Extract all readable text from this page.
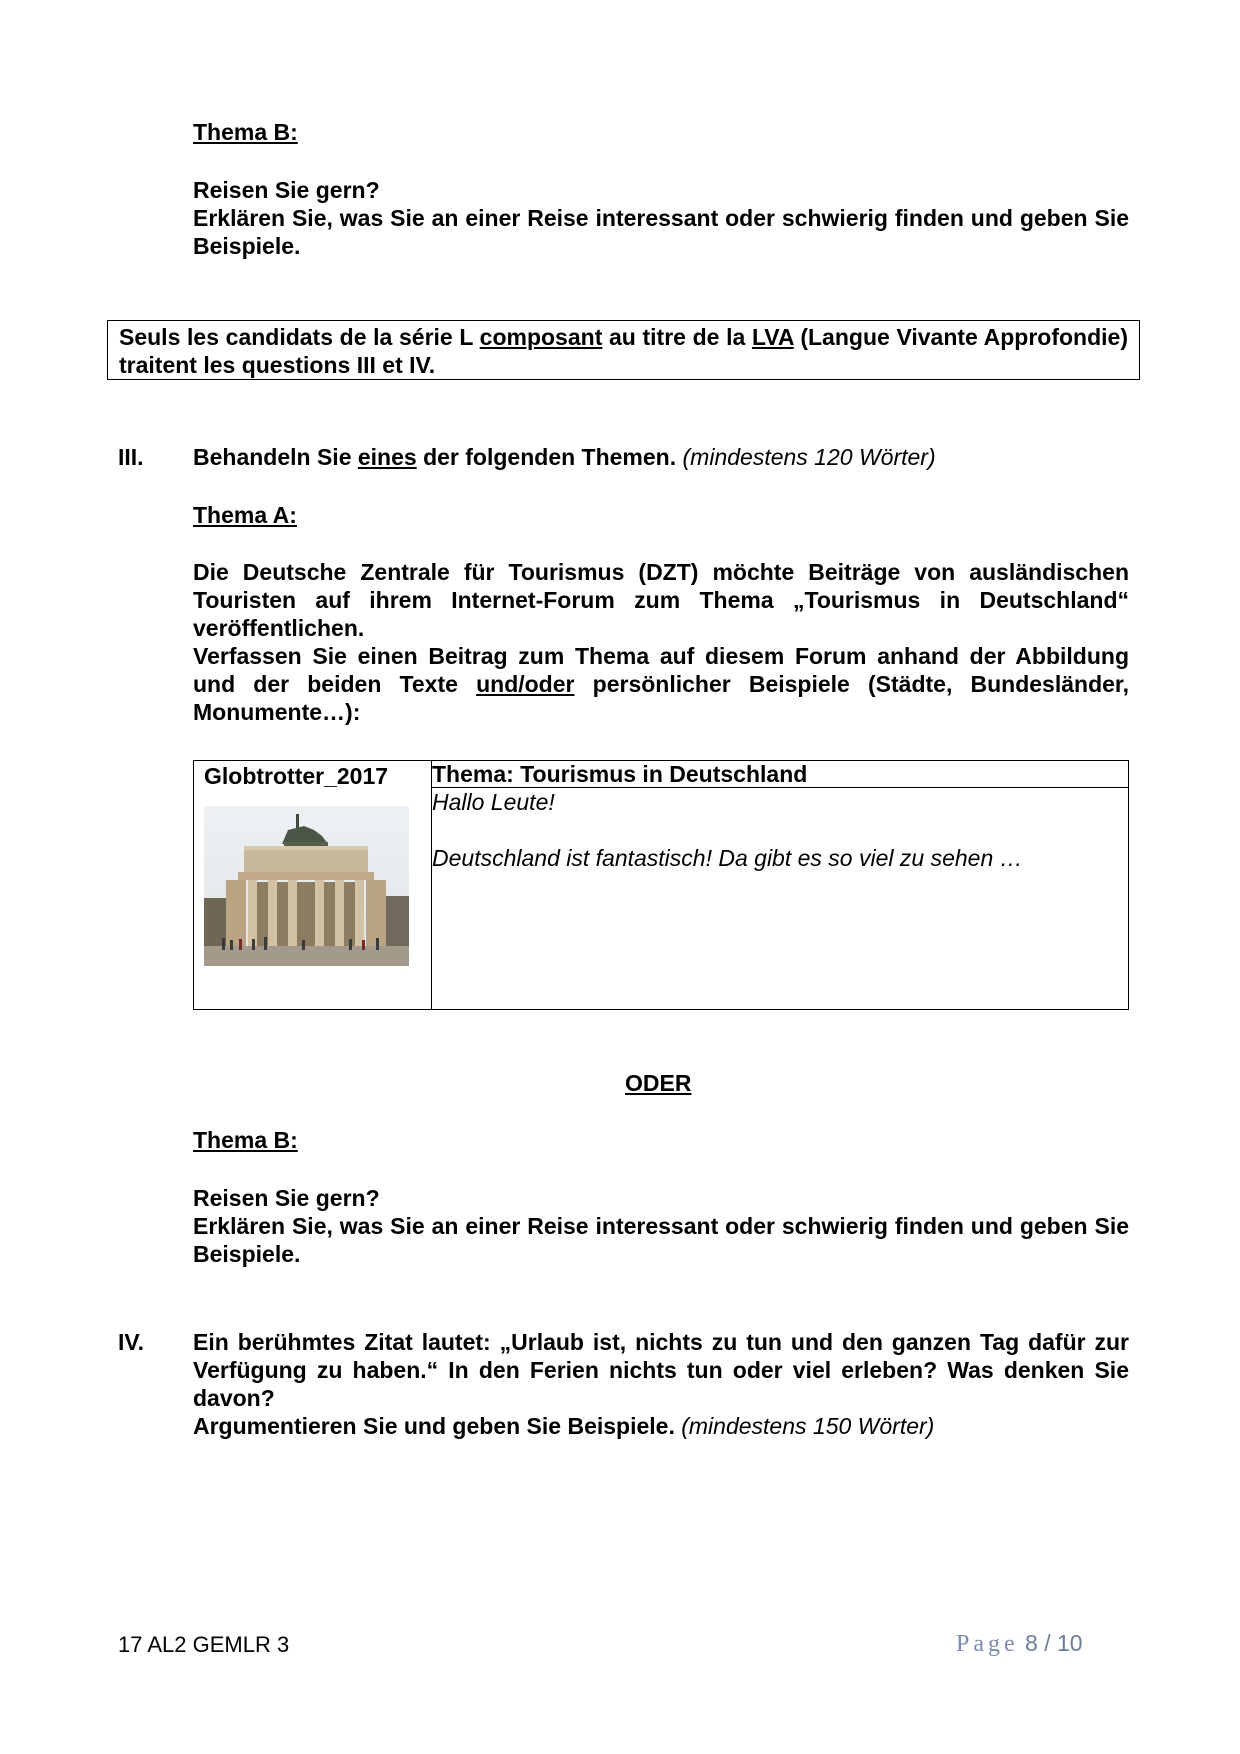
Thema B:
Reisen Sie gern?
Erklären Sie, was Sie an einer Reise interessant oder schwierig finden und geben Sie Beispiele.
Seuls les candidats de la série L composant au titre de la LVA (Langue Vivante Approfondie) traitent les questions III et IV.
III. Behandeln Sie eines der folgenden Themen. (mindestens 120 Wörter)
Thema A:
Die Deutsche Zentrale für Tourismus (DZT) möchte Beiträge von ausländischen Touristen auf ihrem Internet-Forum zum Thema „Tourismus in Deutschland“ veröffentlichen.
Verfassen Sie einen Beitrag zum Thema auf diesem Forum anhand der Abbildung und der beiden Texte und/oder persönlicher Beispiele (Städte, Bundesländer, Monumente…):
Globtrotter_2017	Thema: Tourismus in Deutschland

Hallo Leute!
Deutschland ist fantastisch! Da gibt es so viel zu sehen …
ODER
Thema B:
Reisen Sie gern?
Erklären Sie, was Sie an einer Reise interessant oder schwierig finden und geben Sie Beispiele.
IV. Ein berühmtes Zitat lautet: „Urlaub ist, nichts zu tun und den ganzen Tag dafür zur Verfügung zu haben.“ In den Ferien nichts tun oder viel erleben? Was denken Sie davon?
Argumentieren Sie und geben Sie Beispiele. (mindestens 150 Wörter)
17 AL2 GEMLR 3	Page 8 / 10
